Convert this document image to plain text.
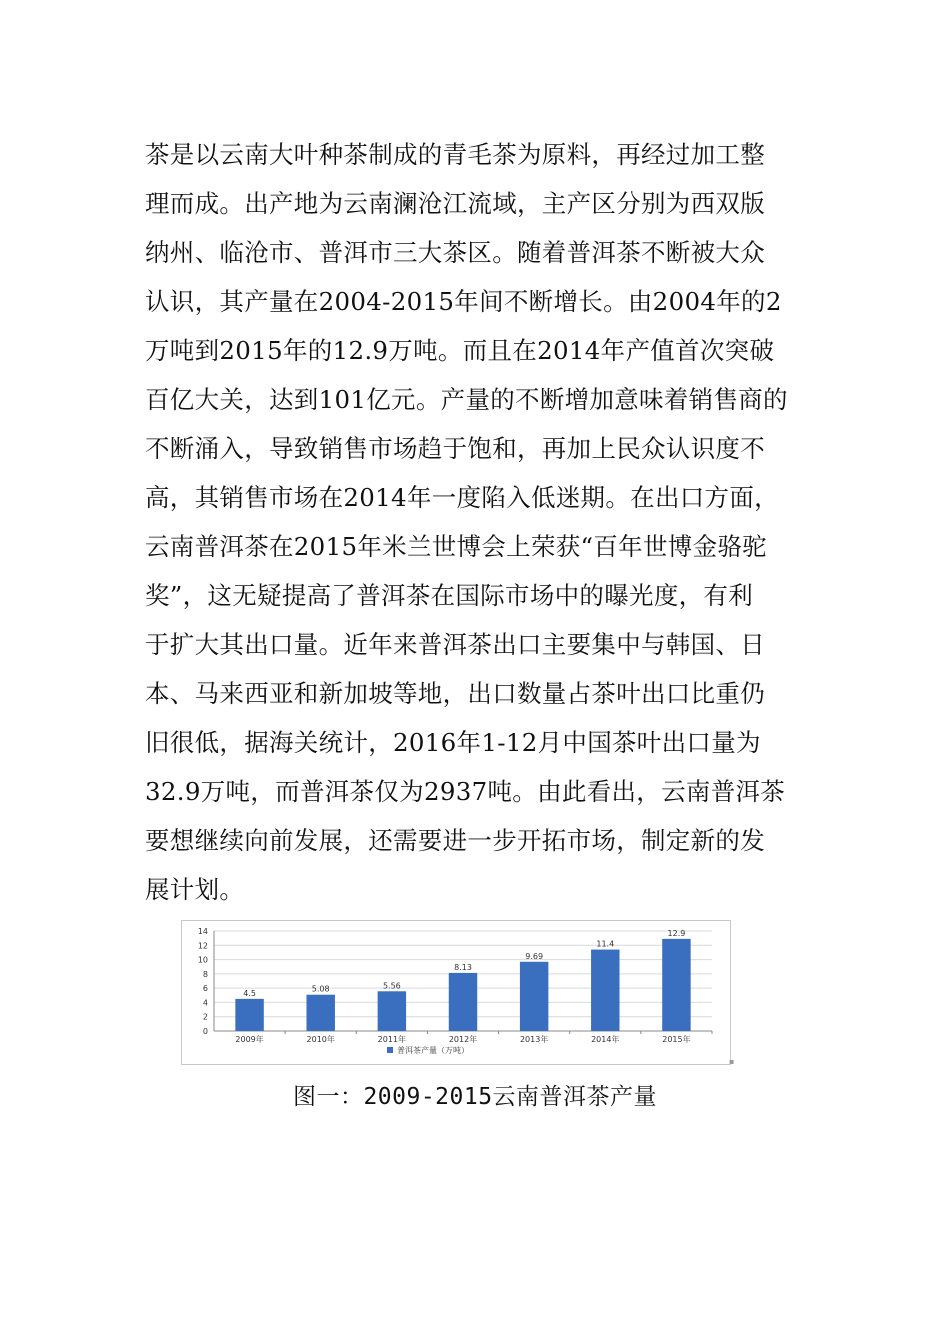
茶是以云南大叶种茶制成的青毛茶为原料，再经过加工整
理而成。出产地为云南澜沧江流域，主产区分别为西双版
纳州、临沧市、普洱市三大茶区。随着普洱茶不断被大众
认识，其产量在2004-2015年间不断增长。由2004年的2
万吨到2015年的12.9万吨。而且在2014年产值首次突破
百亿大关，达到101亿元。产量的不断增加意味着销售商的
不断涌入，导致销售市场趋于饱和，再加上民众认识度不
高，其销售市场在2014年一度陷入低迷期。在出口方面，
云南普洱茶在2015年米兰世博会上荣获“百年世博金骆驼
奖”，这无疑提高了普洱茶在国际市场中的曝光度，有利
于扩大其出口量。近年来普洱茶出口主要集中与韩国、日
本、马来西亚和新加坡等地，出口数量占茶叶出口比重仍
旧很低，据海关统计，2016年1-12月中国茶叶出口量为
32.9万吨，而普洱茶仅为2937吨。由此看出，云南普洱茶
要想继续向前发展，还需要进一步开拓市场，制定新的发
展计划。
0
2
4
6
8
10
12
14
4.5
2009年
5.08
2010年
5.56
2011年
8.13
2012年
9.69
2013年
11.4
2014年
12.9
2015年
普洱茶产量（万吨）
▪
图一：2009-2015云南普洱茶产量
